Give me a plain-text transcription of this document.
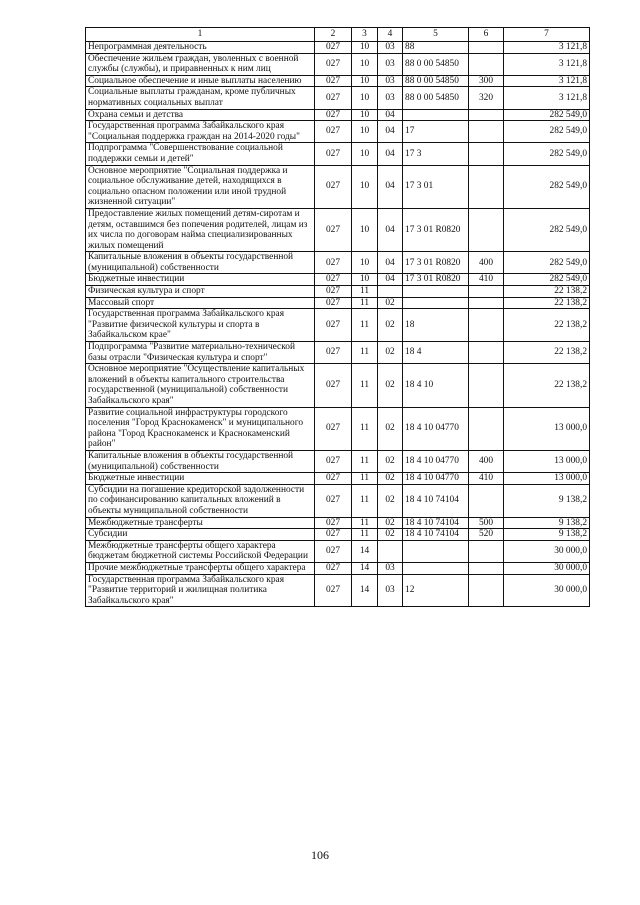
1	2	3	4	5	6	7
Непрограммная деятельность	027	10	03	88		3 121,8
Обеспечение жильем граждан, уволенных с военной службы (службы), и приравненных к ним лиц	027	10	03	88 0 00 54850		3 121,8
Социальное обеспечение и иные выплаты населению	027	10	03	88 0 00 54850	300	3 121,8
Социальные выплаты гражданам, кроме публичных нормативных социальных выплат	027	10	03	88 0 00 54850	320	3 121,8
Охрана семьи и детства	027	10	04			282 549,0
Государственная программа Забайкальского края "Социальная поддержка граждан на 2014-2020 годы"	027	10	04	17		282 549,0
Подпрограмма "Совершенствование социальной поддержки семьи и детей"	027	10	04	17 3		282 549,0
Основное мероприятие "Социальная поддержка и социальное обслуживание детей, находящихся в социально опасном положении или иной трудной жизненной ситуации"	027	10	04	17 3 01		282 549,0
Предоставление жилых помещений детям-сиротам и детям, оставшимся без попечения родителей, лицам из их числа по договорам найма специализированных жилых помещений	027	10	04	17 3 01 R0820		282 549,0
Капитальные вложения в объекты государственной (муниципальной) собственности	027	10	04	17 3 01 R0820	400	282 549,0
Бюджетные инвестиции	027	10	04	17 3 01 R0820	410	282 549,0
Физическая культура и спорт	027	11				22 138,2
Массовый спорт	027	11	02			22 138,2
Государственная программа Забайкальского края "Развитие физической культуры и спорта в Забайкальском крае"	027	11	02	18		22 138,2
Подпрограмма "Развитие материально-технической базы отрасли "Физическая культура и спорт"	027	11	02	18 4		22 138,2
Основное мероприятие "Осуществление капитальных вложений в объекты капитального строительства государственной (муниципальной) собственности Забайкальского края"	027	11	02	18 4 10		22 138,2
Развитие социальной инфраструктуры городского поселения "Город Краснокаменск" и муниципального района "Город Краснокаменск и Краснокаменский район"	027	11	02	18 4 10 04770		13 000,0
Капитальные вложения в объекты государственной (муниципальной) собственности	027	11	02	18 4 10 04770	400	13 000,0
Бюджетные инвестиции	027	11	02	18 4 10 04770	410	13 000,0
Субсидии на погашение кредиторской задолженности по софинансированию капитальных вложений в объекты муниципальной собственности	027	11	02	18 4 10 74104		9 138,2
Межбюджетные трансферты	027	11	02	18 4 10 74104	500	9 138,2
Субсидии	027	11	02	18 4 10 74104	520	9 138,2
Межбюджетные трансферты общего характера бюджетам бюджетной системы Российской Федерации	027	14				30 000,0
Прочие межбюджетные трансферты общего характера	027	14	03			30 000,0
Государственная программа Забайкальского края "Развитие территорий и жилищная политика Забайкальского края"	027	14	03	12		30 000,0
106
